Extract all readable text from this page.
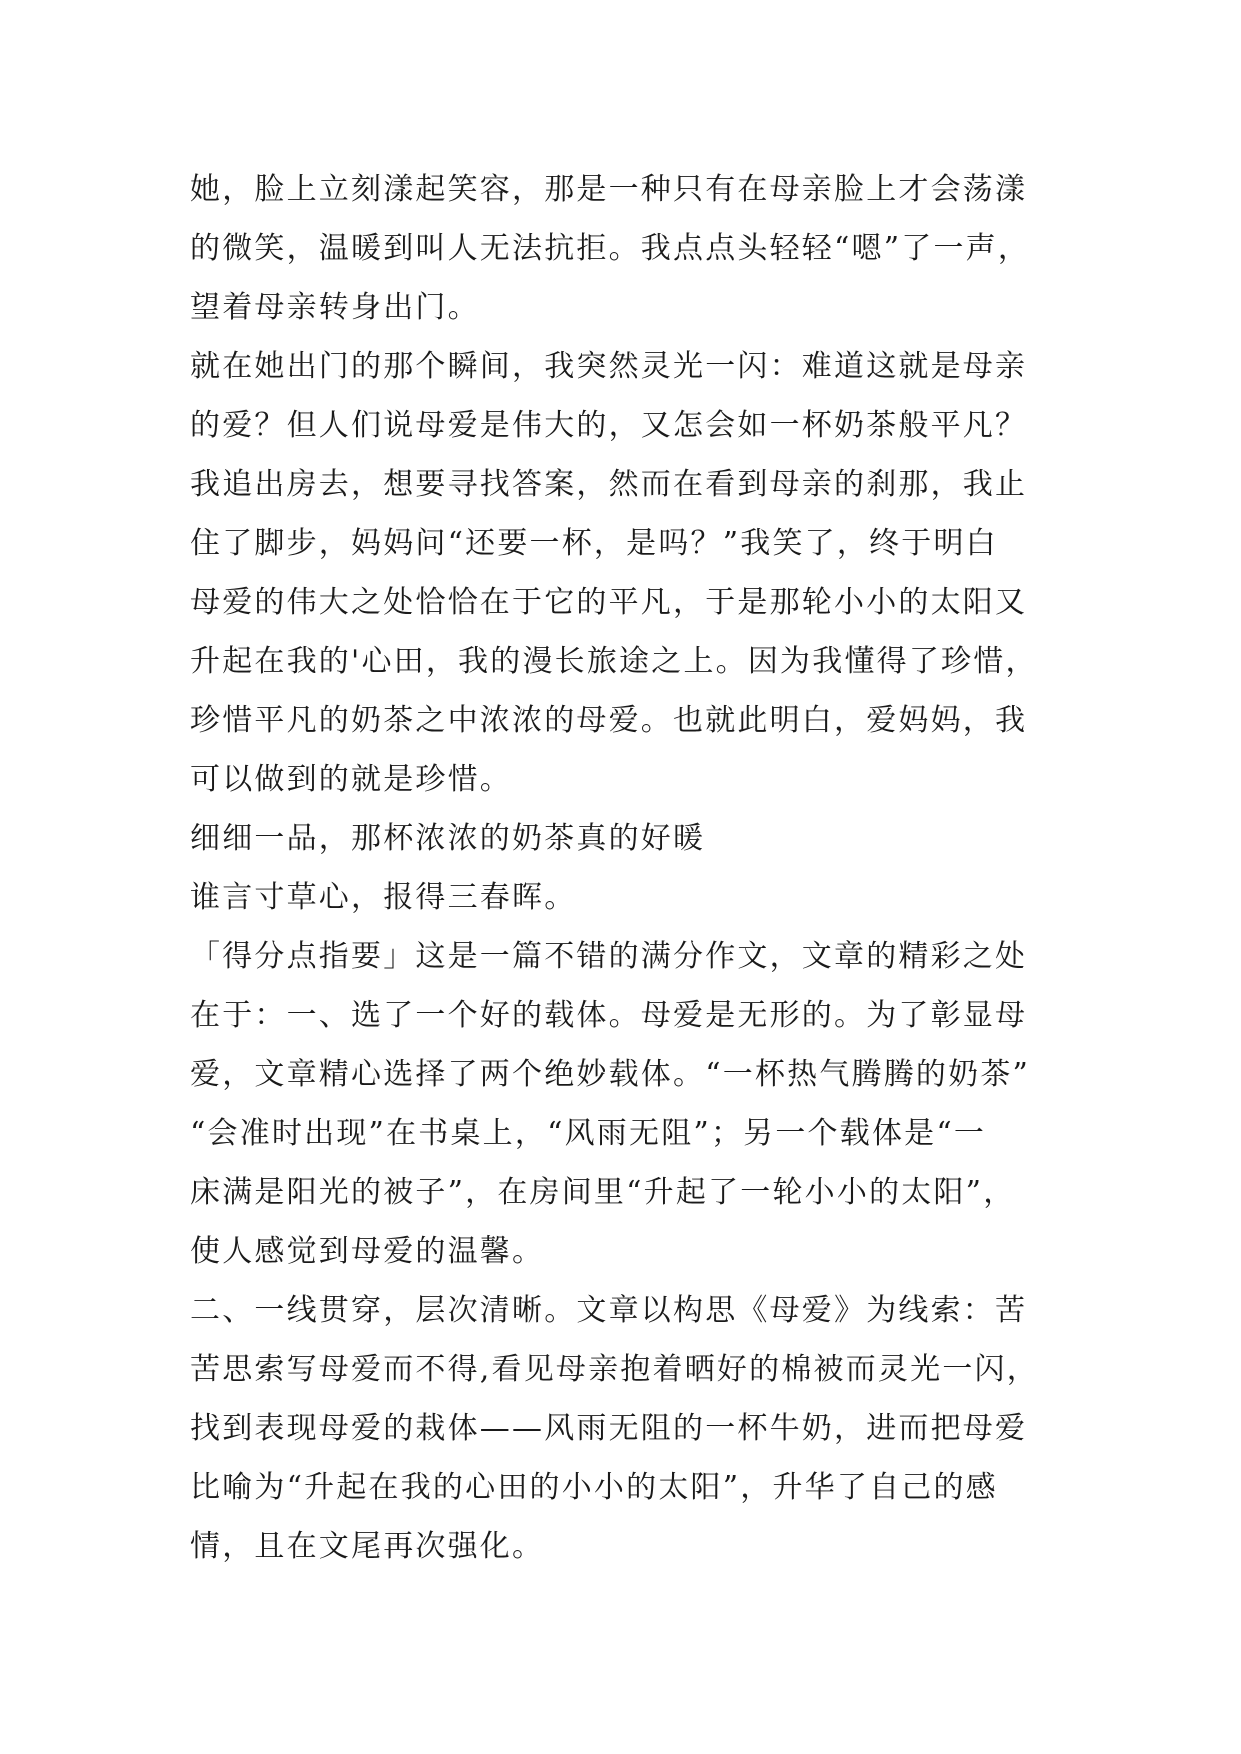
她，脸上立刻漾起笑容，那是一种只有在母亲脸上才会荡漾
的微笑，温暖到叫人无法抗拒。我点点头轻轻“嗯”了一声，
望着母亲转身出门。
就在她出门的那个瞬间，我突然灵光一闪：难道这就是母亲
的爱？但人们说母爱是伟大的，又怎会如一杯奶茶般平凡？
我追出房去，想要寻找答案，然而在看到母亲的刹那，我止
住了脚步，妈妈问“还要一杯，是吗？”我笑了，终于明白
母爱的伟大之处恰恰在于它的平凡，于是那轮小小的太阳又
升起在我的'心田，我的漫长旅途之上。因为我懂得了珍惜，
珍惜平凡的奶茶之中浓浓的母爱。也就此明白，爱妈妈，我
可以做到的就是珍惜。
细细一品，那杯浓浓的奶茶真的好暖
谁言寸草心，报得三春晖。
「得分点指要」这是一篇不错的满分作文，文章的精彩之处
在于：一、选了一个好的载体。母爱是无形的。为了彰显母
爱，文章精心选择了两个绝妙载体。“一杯热气腾腾的奶茶”
“会准时出现”在书桌上，“风雨无阻”；另一个载体是“一
床满是阳光的被子”，在房间里“升起了一轮小小的太阳”，
使人感觉到母爱的温馨。
二、一线贯穿，层次清晰。文章以构思《母爱》为线索：苦
苦思索写母爱而不得,看见母亲抱着晒好的棉被而灵光一闪，
找到表现母爱的栽体——风雨无阻的一杯牛奶，进而把母爱
比喻为“升起在我的心田的小小的太阳”，升华了自己的感
情，且在文尾再次强化。
